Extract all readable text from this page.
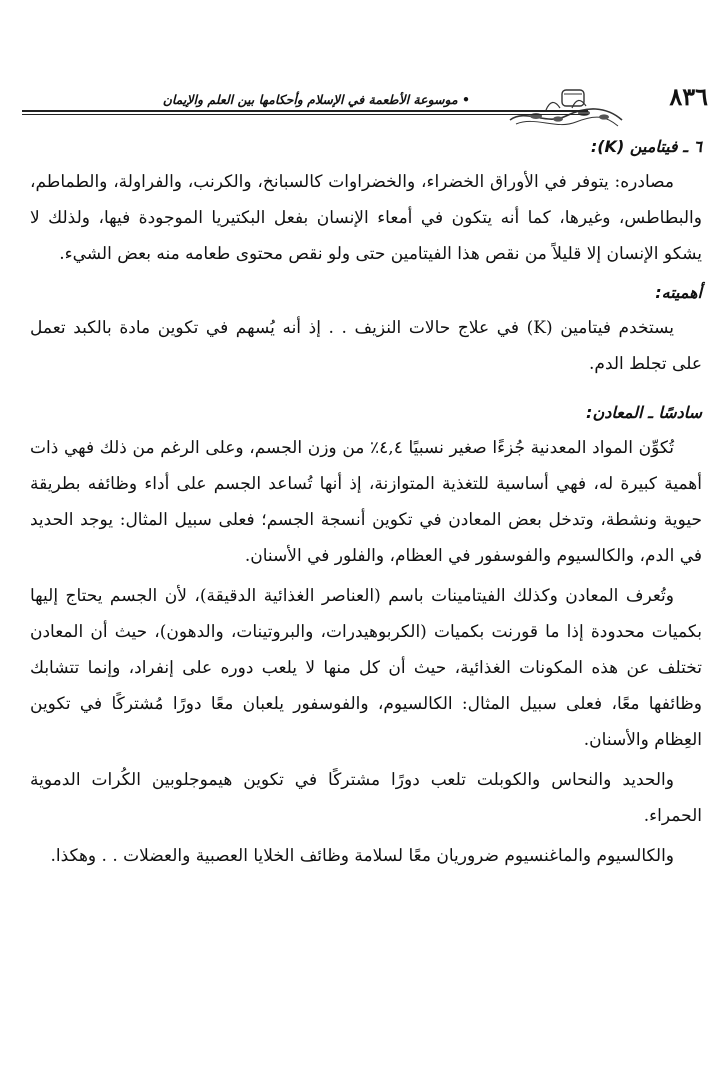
٨٣٦
• موسوعة الأطعمة في الإسلام وأحكامها بين العلم والإيمان
٦ ـ فيتامين (K):

مصادره: يتوفر في الأوراق الخضراء، والخضراوات كالسبانخ، والكرنب، والفراولة، والطماطم، والبطاطس، وغيرها، كما أنه يتكون في أمعاء الإنسان بفعل البكتيريا الموجودة فيها، ولذلك لا يشكو الإنسان إلا قليلاً من نقص هذا الفيتامين حتى ولو نقص محتوى طعامه منه بعض الشيء.

أهميته:

يستخدم فيتامين (K) في علاج حالات النزيف . . إذ أنه يُسهم في تكوين مادة بالكبد تعمل على تجلط الدم.

سادسًا ـ المعادن:

تُكوِّن المواد المعدنية جُزءًا صغير نسبيًا ٤,٤٪ من وزن الجسم، وعلى الرغم من ذلك فهي ذات أهمية كبيرة له، فهي أساسية للتغذية المتوازنة، إذ أنها تُساعد الجسم على أداء وظائفه بطريقة حيوية ونشطة، وتدخل بعض المعادن في تكوين أنسجة الجسم؛ فعلى سبيل المثال: يوجد الحديد في الدم، والكالسيوم والفوسفور في العظام، والفلور في الأسنان.

وتُعرف المعادن وكذلك الفيتامينات باسم (العناصر الغذائية الدقيقة)، لأن الجسم يحتاج إليها بكميات محدودة إذا ما قورنت بكميات (الكربوهيدرات، والبروتينات، والدهون)، حيث أن المعادن تختلف عن هذه المكونات الغذائية، حيث أن كل منها لا يلعب دوره على إنفراد، وإنما تتشابك وظائفها معًا، فعلى سبيل المثال: الكالسيوم، والفوسفور يلعبان معًا دورًا مُشتركًا في تكوين العِظام والأسنان.

والحديد والنحاس والكوبلت تلعب دورًا مشتركًا في تكوين هيموجلوبين الكُرات الدموية الحمراء.

والكالسيوم والماغنسيوم ضروريان معًا لسلامة وظائف الخلايا العصبية والعضلات . . وهكذا.
